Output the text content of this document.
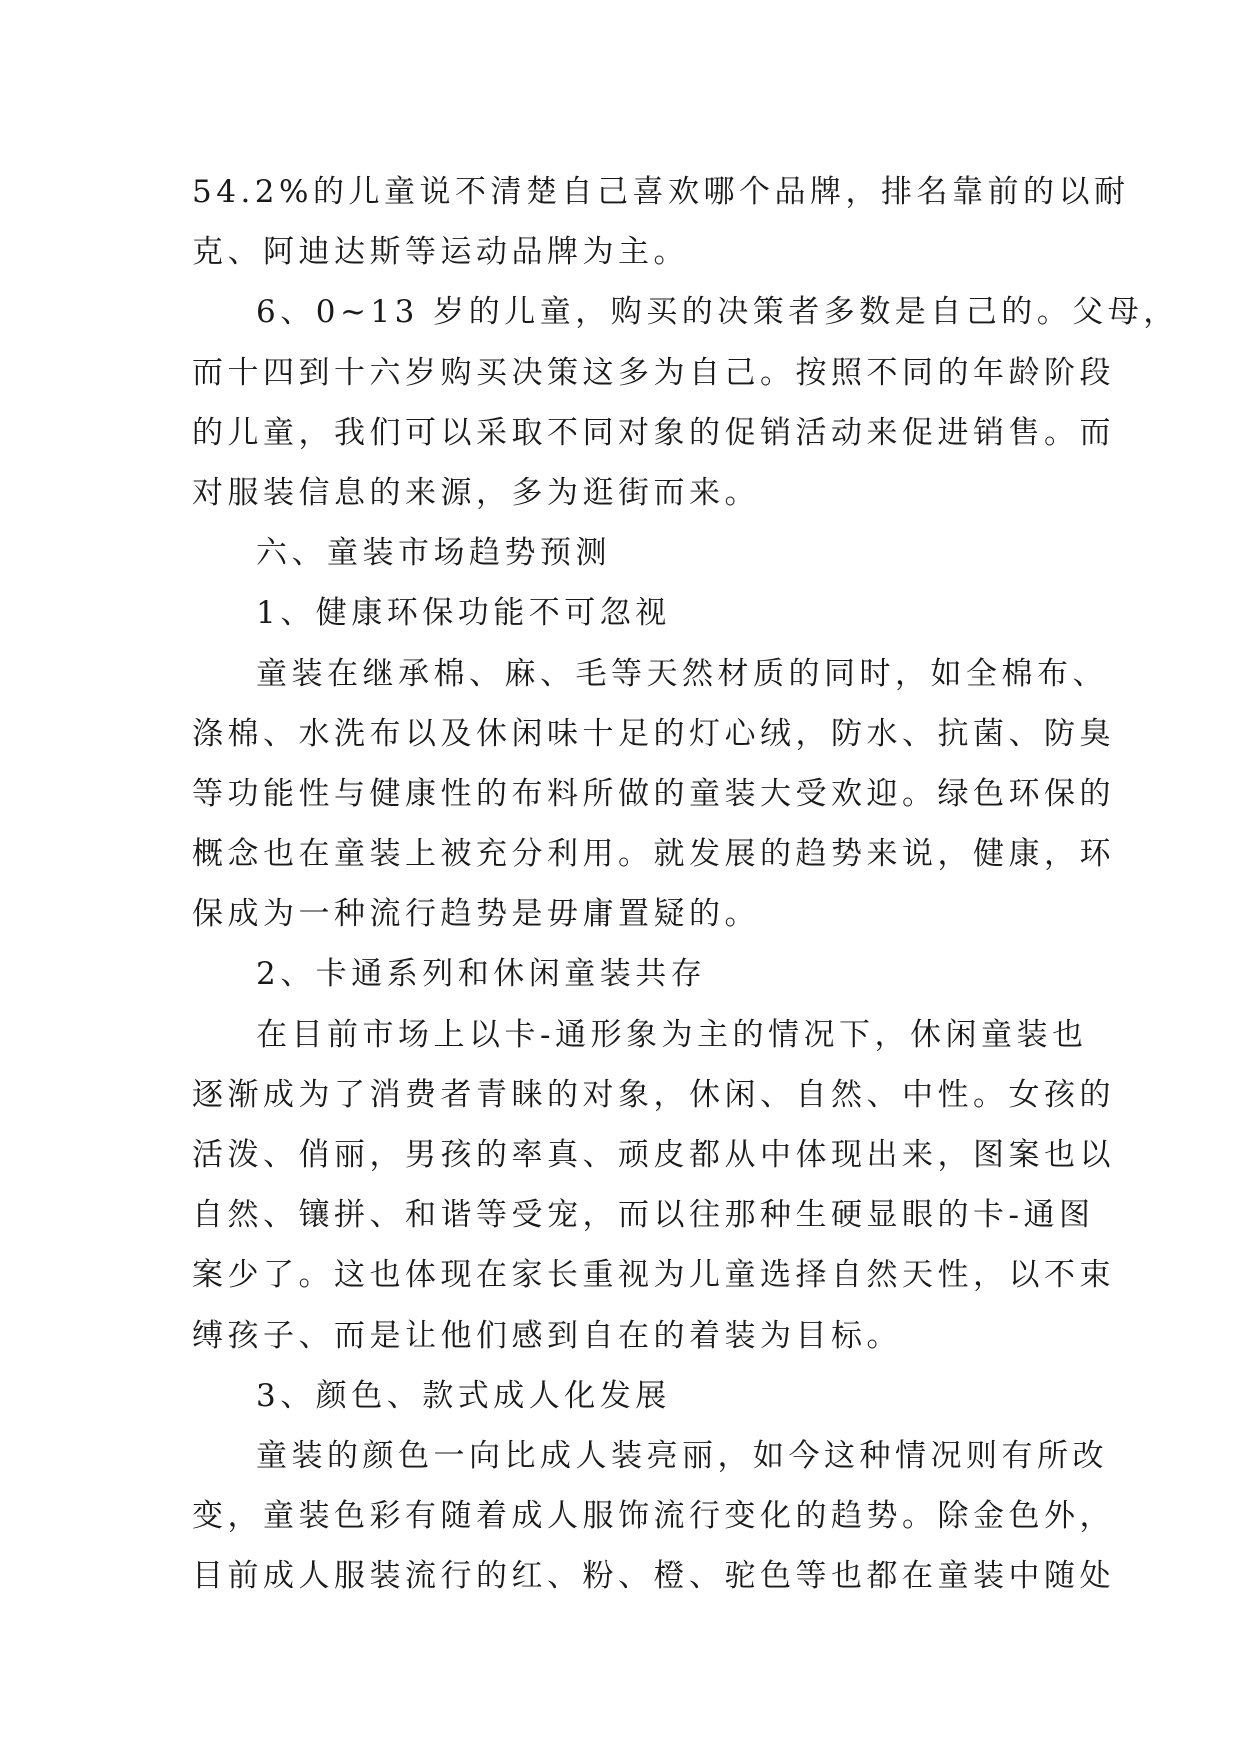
54.2%的儿童说不清楚自己喜欢哪个品牌，排名靠前的以耐
克、阿迪达斯等运动品牌为主。
6、0~13 岁的儿童，购买的决策者多数是自己的。父母，
而十四到十六岁购买决策这多为自己。按照不同的年龄阶段
的儿童，我们可以采取不同对象的促销活动来促进销售。而
对服装信息的来源，多为逛街而来。
六、童装市场趋势预测
1、健康环保功能不可忽视
童装在继承棉、麻、毛等天然材质的同时，如全棉布、
涤棉、水洗布以及休闲味十足的灯心绒，防水、抗菌、防臭
等功能性与健康性的布料所做的童装大受欢迎。绿色环保的
概念也在童装上被充分利用。就发展的趋势来说，健康，环
保成为一种流行趋势是毋庸置疑的。
2、卡通系列和休闲童装共存
在目前市场上以卡-通形象为主的情况下，休闲童装也
逐渐成为了消费者青睐的对象，休闲、自然、中性。女孩的
活泼、俏丽，男孩的率真、顽皮都从中体现出来，图案也以
自然、镶拼、和谐等受宠，而以往那种生硬显眼的卡-通图
案少了。这也体现在家长重视为儿童选择自然天性，以不束
缚孩子、而是让他们感到自在的着装为目标。
3、颜色、款式成人化发展
童装的颜色一向比成人装亮丽，如今这种情况则有所改
变，童装色彩有随着成人服饰流行变化的趋势。除金色外，
目前成人服装流行的红、粉、橙、驼色等也都在童装中随处
